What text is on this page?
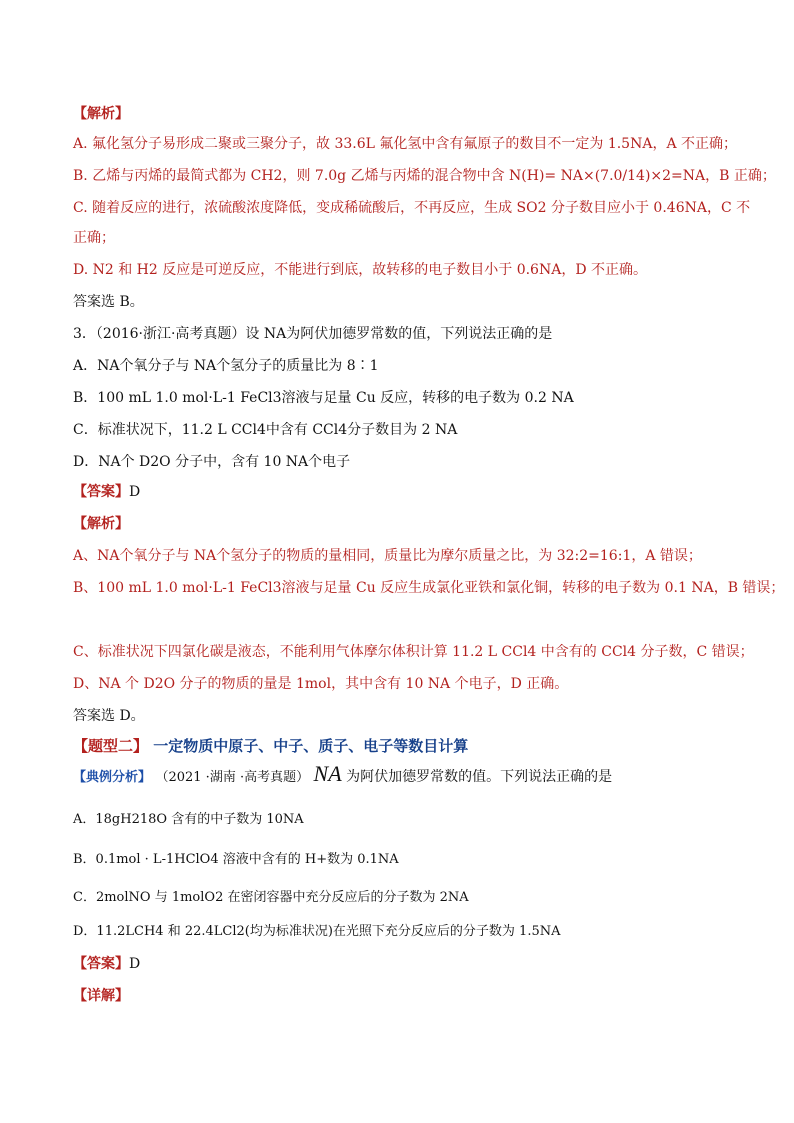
【解析】
A. 氟化氢分子易形成二聚或三聚分子，故 33.6L 氟化氢中含有氟原子的数目不一定为 1.5NA，A 不正确；
B. 乙烯与丙烯的最简式都为 CH2，则 7.0g 乙烯与丙烯的混合物中含 N(H)= NA×(7.0/14)×2=NA，B 正确；
C. 随着反应的进行，浓硫酸浓度降低，变成稀硫酸后，不再反应，生成 SO2 分子数目应小于 0.46NA，C 不
正确；
D. N2 和 H2 反应是可逆反应，不能进行到底，故转移的电子数目小于 0.6NA，D 不正确。
答案选 B。
3．（2016·浙江·高考真题）设 NA为阿伏加德罗常数的值，下列说法正确的是
A．NA个氧分子与 NA个氢分子的质量比为 8∶1
B．100 mL 1.0 mol·L-1 FeCl3溶液与足量 Cu 反应，转移的电子数为 0.2 NA
C．标准状况下，11.2 L CCl4中含有 CCl4分子数目为 2 NA
D．NA个 D2O 分子中，含有 10 NA个电子
【答案】D
【解析】
A、NA个氧分子与 NA个氢分子的物质的量相同，质量比为摩尔质量之比，为 32:2=16:1，A 错误；
B、100 mL 1.0 mol·L-1 FeCl3溶液与足量 Cu 反应生成氯化亚铁和氯化铜，转移的电子数为 0.1 NA，B 错误；
C、标准状况下四氯化碳是液态，不能利用气体摩尔体积计算 11.2 L CCl4 中含有的 CCl4 分子数，C 错误；
D、NA 个 D2O 分子的物质的量是 1mol，其中含有 10 NA 个电子，D 正确。
答案选 D。
【题型二】 一定物质中原子、中子、质子、电子等数目计算
【典例分析】 （2021 ·湖南 ·高考真题） NA 为阿伏加德罗常数的值。下列说法正确的是
A．18gH218O 含有的中子数为 10NA
B．0.1mol · L-1HClO4 溶液中含有的 H+数为 0.1NA
C．2molNO 与 1molO2 在密闭容器中充分反应后的分子数为 2NA
D．11.2LCH4 和 22.4LCl2(均为标准状况)在光照下充分反应后的分子数为 1.5NA
【答案】D
【详解】
